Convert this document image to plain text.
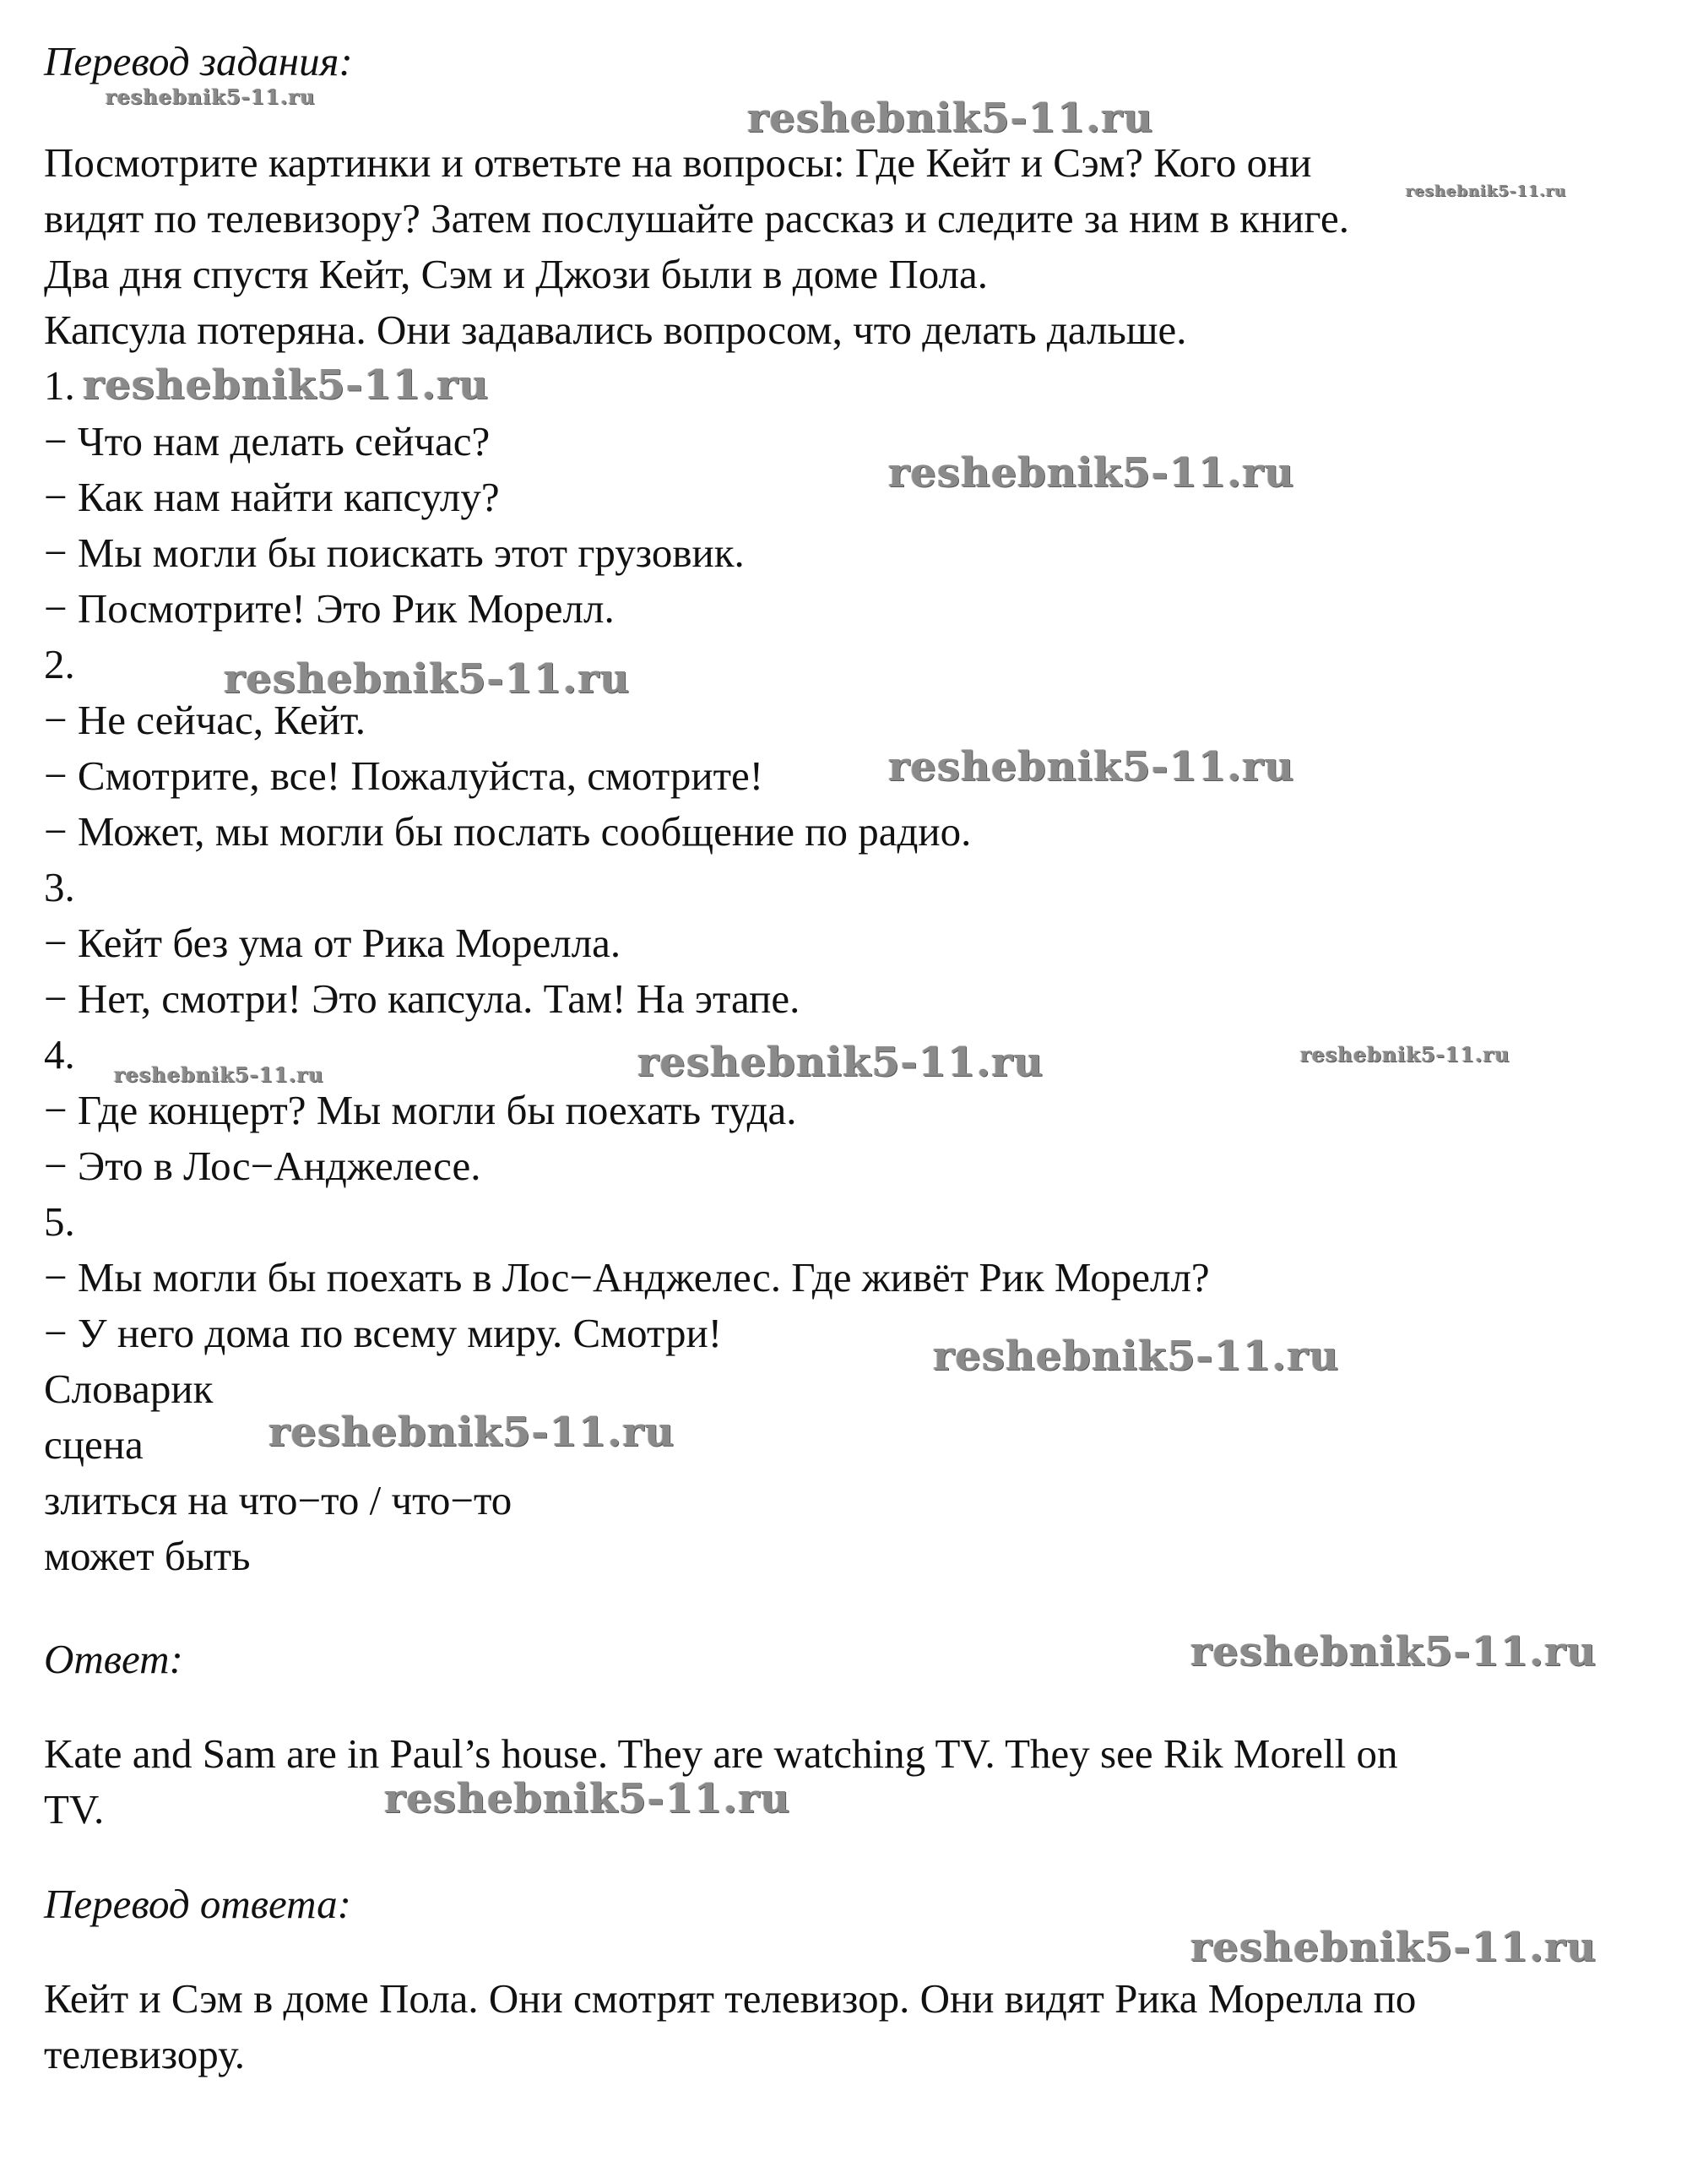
Перевод задания:
Посмотрите картинки и ответьте на вопросы: Где Кейт и Сэм? Кого они
видят по телевизору? Затем послушайте рассказ и следите за ним в книге.
Два дня спустя Кейт, Сэм и Джози были в доме Пола.
Капсула потеряна. Они задавались вопросом, что делать дальше.
1.
− Что нам делать сейчас?
− Как нам найти капсулу?
− Мы могли бы поискать этот грузовик.
− Посмотрите! Это Рик Морелл.
2.
− Не сейчас, Кейт.
− Смотрите, все! Пожалуйста, смотрите!
− Может, мы могли бы послать сообщение по радио.
3.
− Кейт без ума от Рика Морелла.
− Нет, смотри! Это капсула. Там! На этапе.
4.
− Где концерт? Мы могли бы поехать туда.
− Это в Лос−Анджелесе.
5.
− Мы могли бы поехать в Лос−Анджелес. Где живёт Рик Морелл?
− У него дома по всему миру. Смотри!
Словарик
сцена
злиться на что−то / что−то
может быть
Ответ:
Kate and Sam are in Paul’s house. They are watching TV. They see Rik Morell on
TV.
Перевод ответа:
Кейт и Сэм в доме Пола. Они смотрят телевизор. Они видят Рика Морелла по
телевизору.
reshebnik5-11.ru	reshebnik5-11.ru
reshebnik5-11.ru
reshebnik5-11.ru
reshebnik5-11.ru
reshebnik5-11.ru
reshebnik5-11.ru
reshebnik5-11.ru	reshebnik5-11.ru	reshebnik5-11.ru
reshebnik5-11.ru
reshebnik5-11.ru
reshebnik5-11.ru
reshebnik5-11.ru
reshebnik5-11.ru
